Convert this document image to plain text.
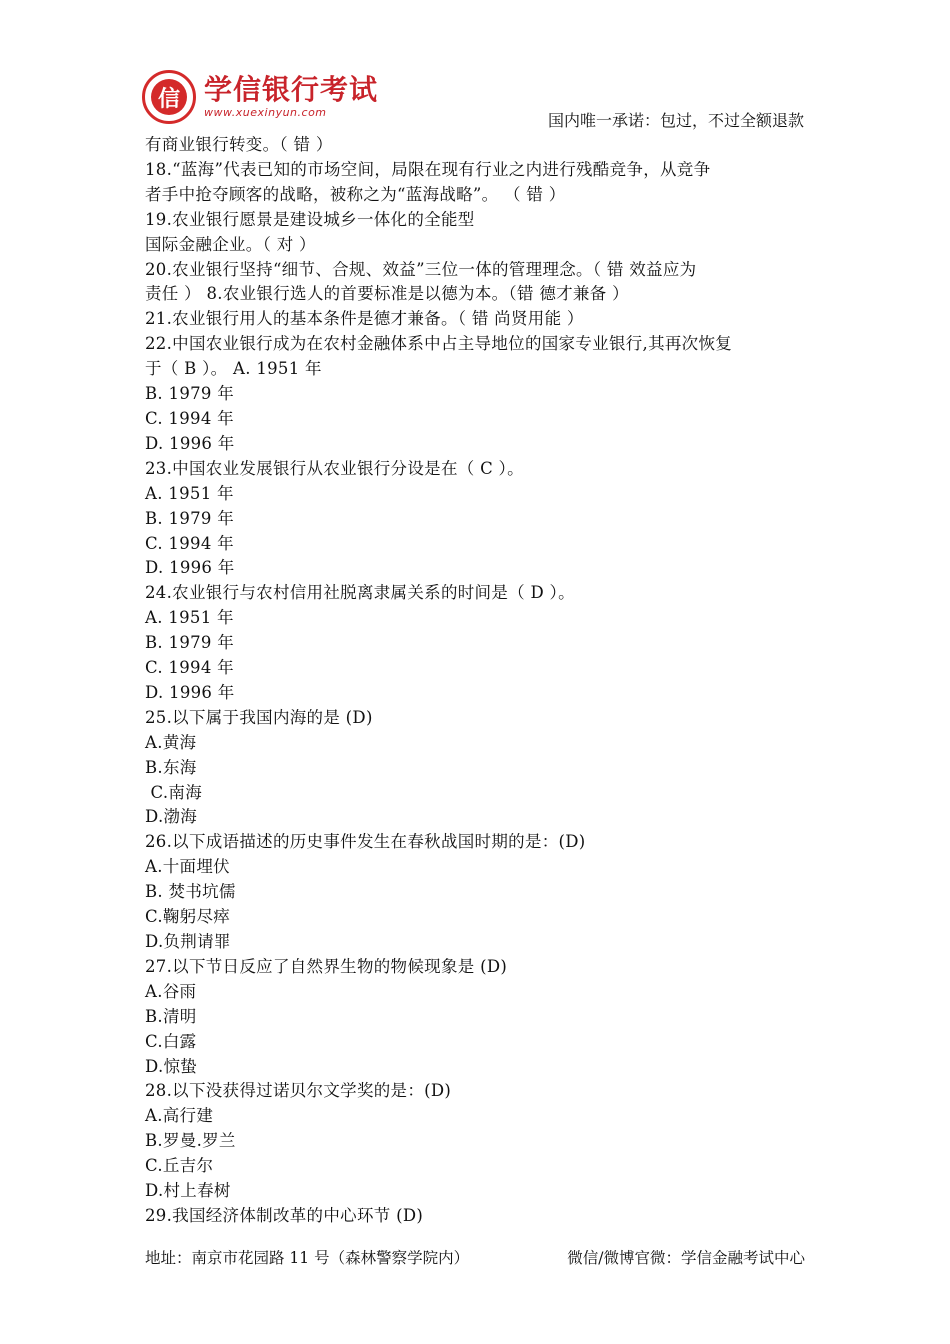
信 学信银行考试
www.xuexinyun.com	国内唯一承诺：包过，不过全额退款
有商业银行转变。（ 错 ）
18.“蓝海”代表已知的市场空间，局限在现有行业之内进行残酷竞争，从竞争
者手中抢夺顾客的战略，被称之为“蓝海战略”。 （ 错 ）
19.农业银行愿景是建设城乡一体化的全能型
国际金融企业。（ 对 ）
20.农业银行坚持“细节、合规、效益”三位一体的管理理念。（ 错 效益应为
责任 ） 8.农业银行选人的首要标准是以德为本。（错 德才兼备 ）
21.农业银行用人的基本条件是德才兼备。（ 错 尚贤用能 ）
22.中国农业银行成为在农村金融体系中占主导地位的国家专业银行,其再次恢复
于（ B ）。 A. 1951 年
B. 1979 年
C. 1994 年
D. 1996 年
23.中国农业发展银行从农业银行分设是在（ C ）。
A. 1951 年
B. 1979 年
C. 1994 年
D. 1996 年
24.农业银行与农村信用社脱离隶属关系的时间是（ D ）。
A. 1951 年
B. 1979 年
C. 1994 年
D. 1996 年
25.以下属于我国内海的是 (D)
A.黄海
B.东海
C.南海
D.渤海
26.以下成语描述的历史事件发生在春秋战国时期的是：(D)
A.十面埋伏
B. 焚书坑儒
C.鞠躬尽瘁
D.负荆请罪
27.以下节日反应了自然界生物的物候现象是 (D)
A.谷雨
B.清明
C.白露
D.惊蛰
28.以下没获得过诺贝尔文学奖的是：(D)
A.高行建
B.罗曼.罗兰
C.丘吉尔
D.村上春树
29.我国经济体制改革的中心环节 (D)
地址：南京市花园路 11 号（森林警察学院内）	微信/微博官微：学信金融考试中心
